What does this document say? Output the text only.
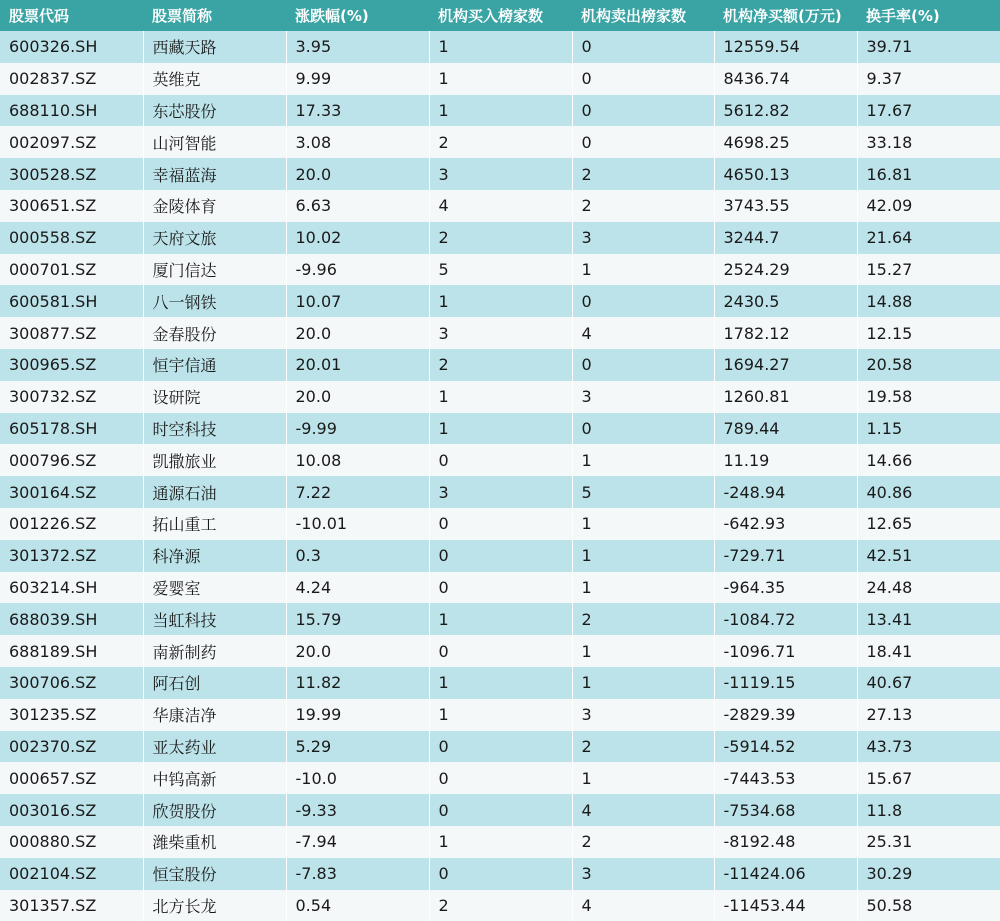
股票代码	股票简称	涨跌幅(%)	机构买入榜家数	机构卖出榜家数	机构净买额(万元)	换手率(%)
600326.SH	西藏天路	3.95	1	0	12559.54	39.71
002837.SZ	英维克	9.99	1	0	8436.74	9.37
688110.SH	东芯股份	17.33	1	0	5612.82	17.67
002097.SZ	山河智能	3.08	2	0	4698.25	33.18
300528.SZ	幸福蓝海	20.0	3	2	4650.13	16.81
300651.SZ	金陵体育	6.63	4	2	3743.55	42.09
000558.SZ	天府文旅	10.02	2	3	3244.7	21.64
000701.SZ	厦门信达	-9.96	5	1	2524.29	15.27
600581.SH	八一钢铁	10.07	1	0	2430.5	14.88
300877.SZ	金春股份	20.0	3	4	1782.12	12.15
300965.SZ	恒宇信通	20.01	2	0	1694.27	20.58
300732.SZ	设研院	20.0	1	3	1260.81	19.58
605178.SH	时空科技	-9.99	1	0	789.44	1.15
000796.SZ	凯撒旅业	10.08	0	1	11.19	14.66
300164.SZ	通源石油	7.22	3	5	-248.94	40.86
001226.SZ	拓山重工	-10.01	0	1	-642.93	12.65
301372.SZ	科净源	0.3	0	1	-729.71	42.51
603214.SH	爱婴室	4.24	0	1	-964.35	24.48
688039.SH	当虹科技	15.79	1	2	-1084.72	13.41
688189.SH	南新制药	20.0	0	1	-1096.71	18.41
300706.SZ	阿石创	11.82	1	1	-1119.15	40.67
301235.SZ	华康洁净	19.99	1	3	-2829.39	27.13
002370.SZ	亚太药业	5.29	0	2	-5914.52	43.73
000657.SZ	中钨高新	-10.0	0	1	-7443.53	15.67
003016.SZ	欣贺股份	-9.33	0	4	-7534.68	11.8
000880.SZ	潍柴重机	-7.94	1	2	-8192.48	25.31
002104.SZ	恒宝股份	-7.83	0	3	-11424.06	30.29
301357.SZ	北方长龙	0.54	2	4	-11453.44	50.58
